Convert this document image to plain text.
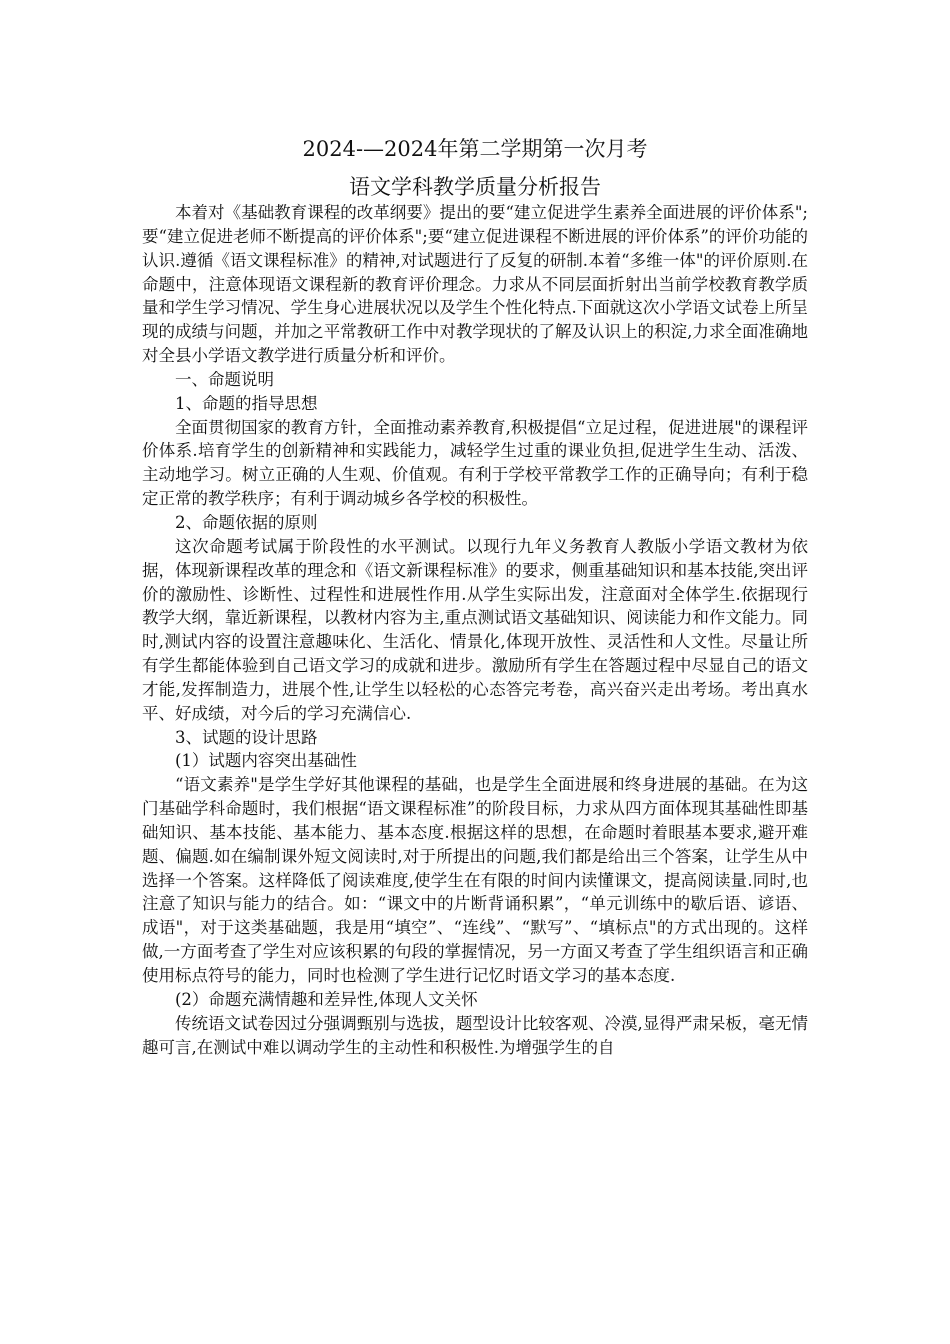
2024-—2024年第二学期第一次月考
语文学科教学质量分析报告

本着对《基础教育课程的改革纲要》提出的要“建立促进学生素养全面进展的评价体系";要“建立促进老师不断提高的评价体系";要“建立促进课程不断进展的评价体系”的评价功能的认识.遵循《语文课程标准》的精神,对试题进行了反复的研制.本着“多维一体"的评价原则.在命题中，注意体现语文课程新的教育评价理念。力求从不同层面折射出当前学校教育教学质量和学生学习情况、学生身心进展状况以及学生个性化特点.下面就这次小学语文试卷上所呈现的成绩与问题，并加之平常教研工作中对教学现状的了解及认识上的积淀,力求全面准确地对全县小学语文教学进行质量分析和评价。

一、命题说明

1、命题的指导思想

全面贯彻国家的教育方针，全面推动素养教育,积极提倡“立足过程，促进进展"的课程评价体系.培育学生的创新精神和实践能力，减轻学生过重的课业负担,促进学生生动、活泼、主动地学习。树立正确的人生观、价值观。有利于学校平常教学工作的正确导向；有利于稳定正常的教学秩序；有利于调动城乡各学校的积极性。

2、命题依据的原则

这次命题考试属于阶段性的水平测试。以现行九年义务教育人教版小学语文教材为依据，体现新课程改革的理念和《语文新课程标准》的要求，侧重基础知识和基本技能,突出评价的激励性、诊断性、过程性和进展性作用.从学生实际出发，注意面对全体学生.依据现行教学大纲，靠近新课程，以教材内容为主,重点测试语文基础知识、阅读能力和作文能力。同时,测试内容的设置注意趣味化、生活化、情景化,体现开放性、灵活性和人文性。尽量让所有学生都能体验到自己语文学习的成就和进步。激励所有学生在答题过程中尽显自己的语文才能,发挥制造力，进展个性,让学生以轻松的心态答完考卷，高兴奋兴走出考场。考出真水平、好成绩，对今后的学习充满信心.

3、试题的设计思路

(1）试题内容突出基础性

“语文素养"是学生学好其他课程的基础，也是学生全面进展和终身进展的基础。在为这门基础学科命题时，我们根据“语文课程标准”的阶段目标，力求从四方面体现其基础性即基础知识、基本技能、基本能力、基本态度.根据这样的思想，在命题时着眼基本要求,避开难题、偏题.如在编制课外短文阅读时,对于所提出的问题,我们都是给出三个答案，让学生从中选择一个答案。这样降低了阅读难度,使学生在有限的时间内读懂课文，提高阅读量.同时,也注意了知识与能力的结合。如：“课文中的片断背诵积累”，“单元训练中的歇后语、谚语、成语"，对于这类基础题，我是用“填空”、“连线”、“默写”、“填标点"的方式出现的。这样做,一方面考查了学生对应该积累的句段的掌握情况，另一方面又考查了学生组织语言和正确使用标点符号的能力，同时也检测了学生进行记忆时语文学习的基本态度.

(2）命题充满情趣和差异性,体现人文关怀

传统语文试卷因过分强调甄别与选拔，题型设计比较客观、冷漠,显得严肃呆板，毫无情趣可言,在测试中难以调动学生的主动性和积极性.为增强学生的自
